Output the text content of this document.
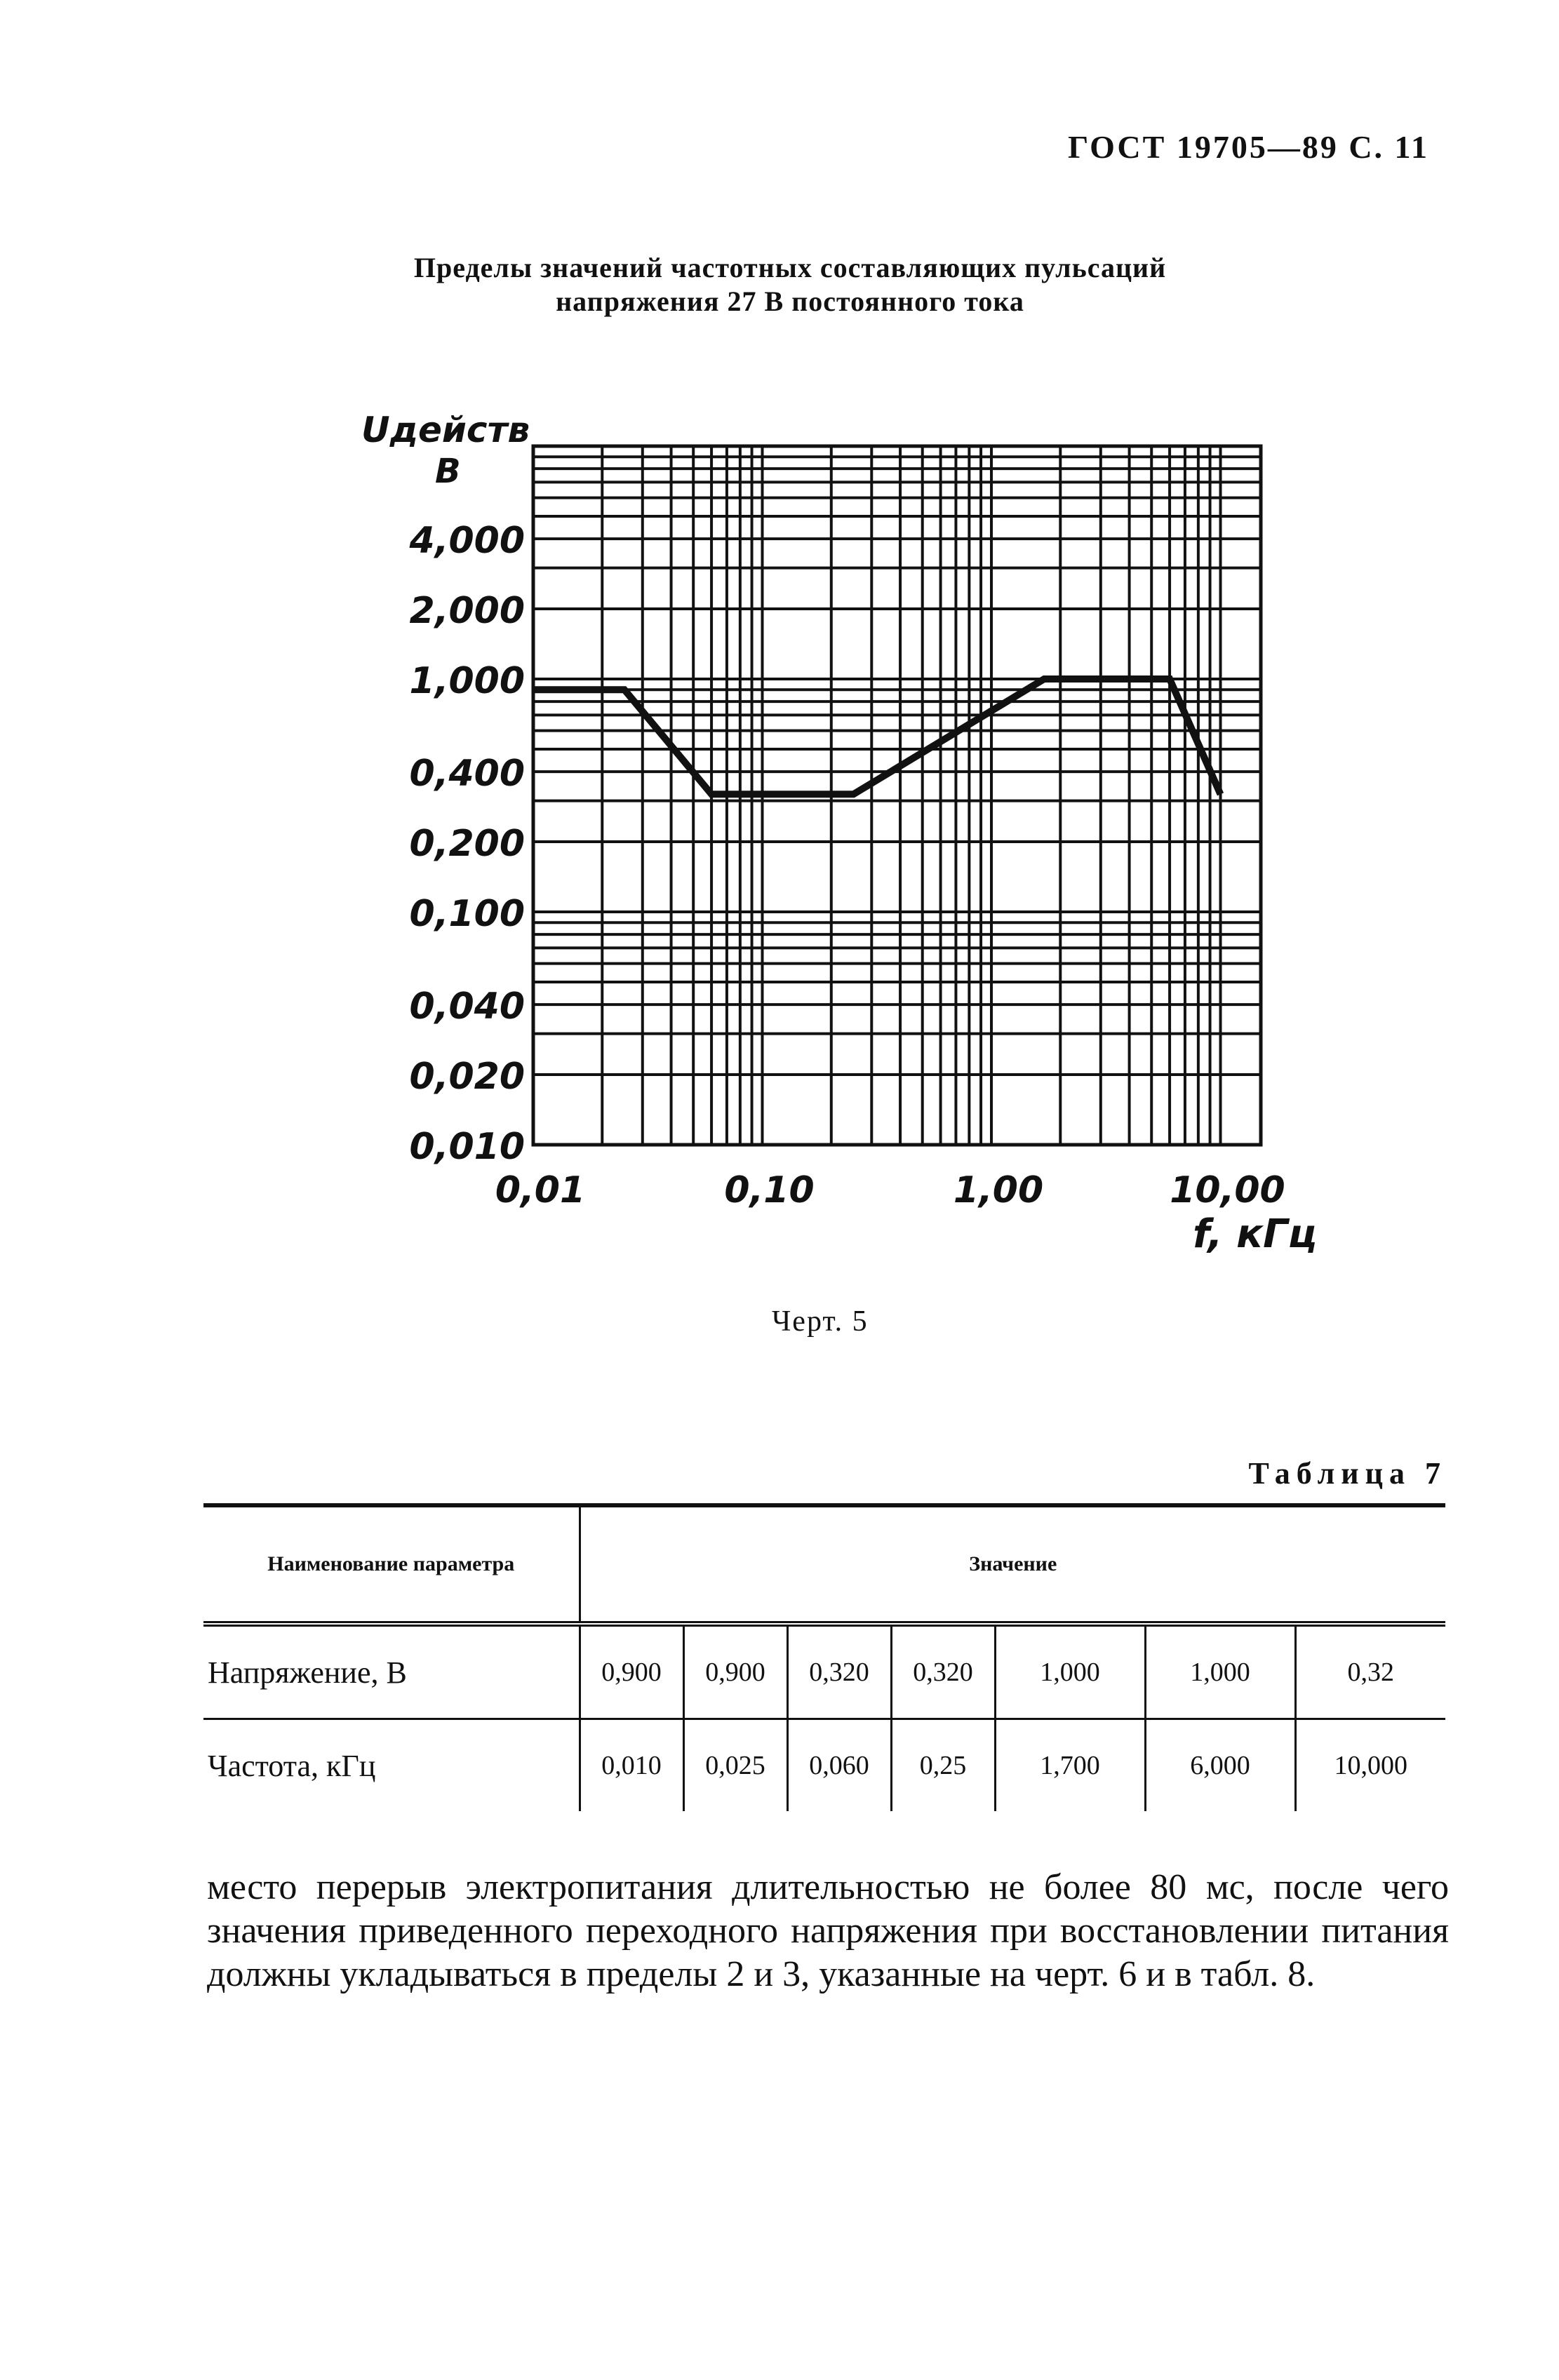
ГОСТ 19705—89 С. 11
Пределы значений частотных составляющих пульсаций
напряжения 27 В постоянного тока
4,000
2,000
1,000
0,400
0,200
0,100
0,040
0,020
0,010
0,01	0,10	1,00	10,00
Uдейств
В
f, кГц
Черт. 5
Таблица 7
Наименование параметра	Значение						
Напряжение, В	0,900	0,900	0,320	0,320	1,000	1,000	0,32
Частота, кГц	0,010	0,025	0,060	0,25	1,700	6,000	10,000
место перерыв электропитания длительностью не более 80 мс, после чего значения приведенного переходного напряжения при восстановлении питания должны укладываться в пределы 2 и 3, указанные на черт. 6 и в табл. 8.
